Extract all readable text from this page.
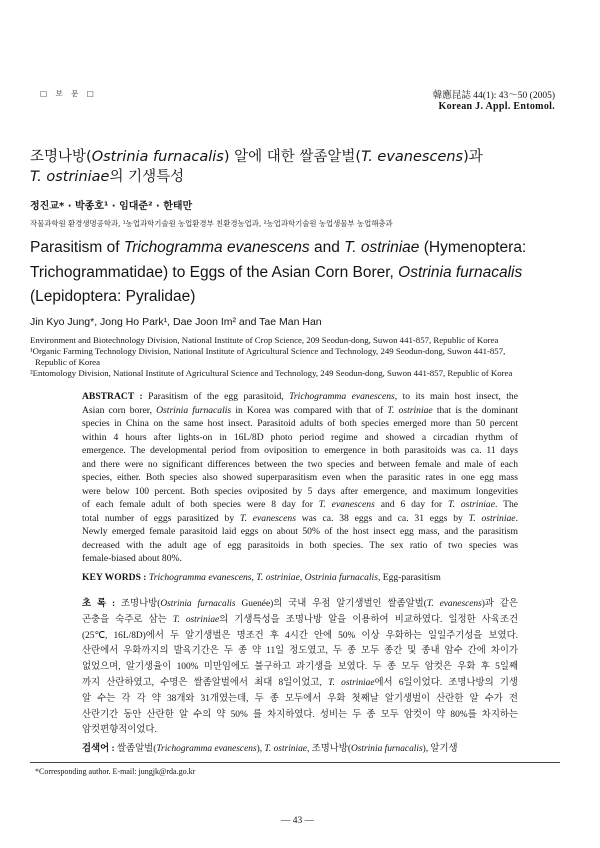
□ 보 문 □	韓應昆誌 44(1): 43～50 (2005)
Korean J. Appl. Entomol.
조명나방(Ostrinia furnacalis) 알에 대한 쌀좀알벌(T. evanescens)과
T. ostriniae의 기생특성
정진교* · 박종호¹ · 임대준² · 한태만
작물과학원 환경생명공학과, ¹농업과학기술원 농업환경부 친환경농업과, ²농업과학기술원 농업생물부 농업해충과
Parasitism of Trichogramma evanescens and T. ostriniae (Hymenoptera:
Trichogrammatidae) to Eggs of the Asian Corn Borer, Ostrinia furnacalis
(Lepidoptera: Pyralidae)
Jin Kyo Jung*, Jong Ho Park¹, Dae Joon Im² and Tae Man Han
Environment and Biotechnology Division, National Institute of Crop Science, 209 Seodun-dong, Suwon 441-857, Republic of Korea
¹Organic Farming Technology Division, National Institute of Agricultural Science and Technology, 249 Seodun-dong, Suwon 441-857,
Republic of Korea
²Entomology Division, National Institute of Agricultural Science and Technology, 249 Seodun-dong, Suwon 441-857, Republic of Korea
ABSTRACT : Parasitism of the egg parasitoid, Trichogramma evanescens, to its main host insect, the
Asian corn borer, Ostrinia furnacalis in Korea was compared with that of T. ostriniae that is the dominant
species in China on the same host insect. Parasitoid adults of both species emerged more than 50 percent
within 4 hours after lights-on in 16L/8D photo period regime and showed a circadian rhythm of
emergence. The developmental period from oviposition to emergence in both parasitoids was ca. 11 days
and there were no significant differences between the two species and between female and male of each
species, either. Both species also showed superparasitism even when the parasitic rates in one egg mass
were below 100 percent. Both species oviposited by 5 days after emergence, and maximum longevities
of each female adult of both species were 8 day for T. evanescens and 6 day for T. ostriniae. The
total number of eggs parasitized by T. evanescens was ca. 38 eggs and ca. 31 eggs by T. ostriniae.
Newly emerged female parasitoid laid eggs on about 50% of the host insect egg mass, and the parasitism
decreased with the adult age of egg parasitoids in both species. The sex ratio of two species was
female-biased about 80%.
KEY WORDS : Trichogramma evanescens, T. ostriniae, Ostrinia furnacalis, Egg-parasitism
초 록 : 조명나방(Ostrinia furnacalis Guenée)의 국내 우점 알기생벌인 쌀좀알벌(T. evanescens)과 같은
곤충을 숙주로 삼는 T. ostriniae의 기생특성을 조명나방 알을 이용하여 비교하였다. 일정한 사육조건
(25℃, 16L/8D)에서 두 알기생벌은 명조건 후 4시간 안에 50% 이상 우화하는 일일주기성을 보였다.
산란에서 우화까지의 발육기간은 두 종 약 11일 정도였고, 두 종 모두 종간 및 종내 암수 간에 차이가
없었으며, 알기생율이 100% 미만임에도 불구하고 과기생을 보였다. 두 종 모두 암컷은 우화 후 5일째
까지 산란하였고, 수명은 쌀좀알벌에서 최대 8일이었고, T. ostriniae에서 6일이었다. 조명나방의 기생
알 수는 각 각 약 38개와 31개였는데, 두 종 모두에서 우화 첫째날 알기생벌이 산란한 알 수가 전
산란기간 동안 산란한 알 수의 약 50% 를 차지하였다. 성비는 두 종 모두 암컷이 약 80%를 차지하는
암컷편향적이었다.
검색어 : 쌀좀알벌(Trichogramma evanescens), T. ostriniae, 조명나방(Ostrinia furnacalis), 알기생
*Corresponding author. E-mail: jungjk@rda.go.kr
— 43 —
